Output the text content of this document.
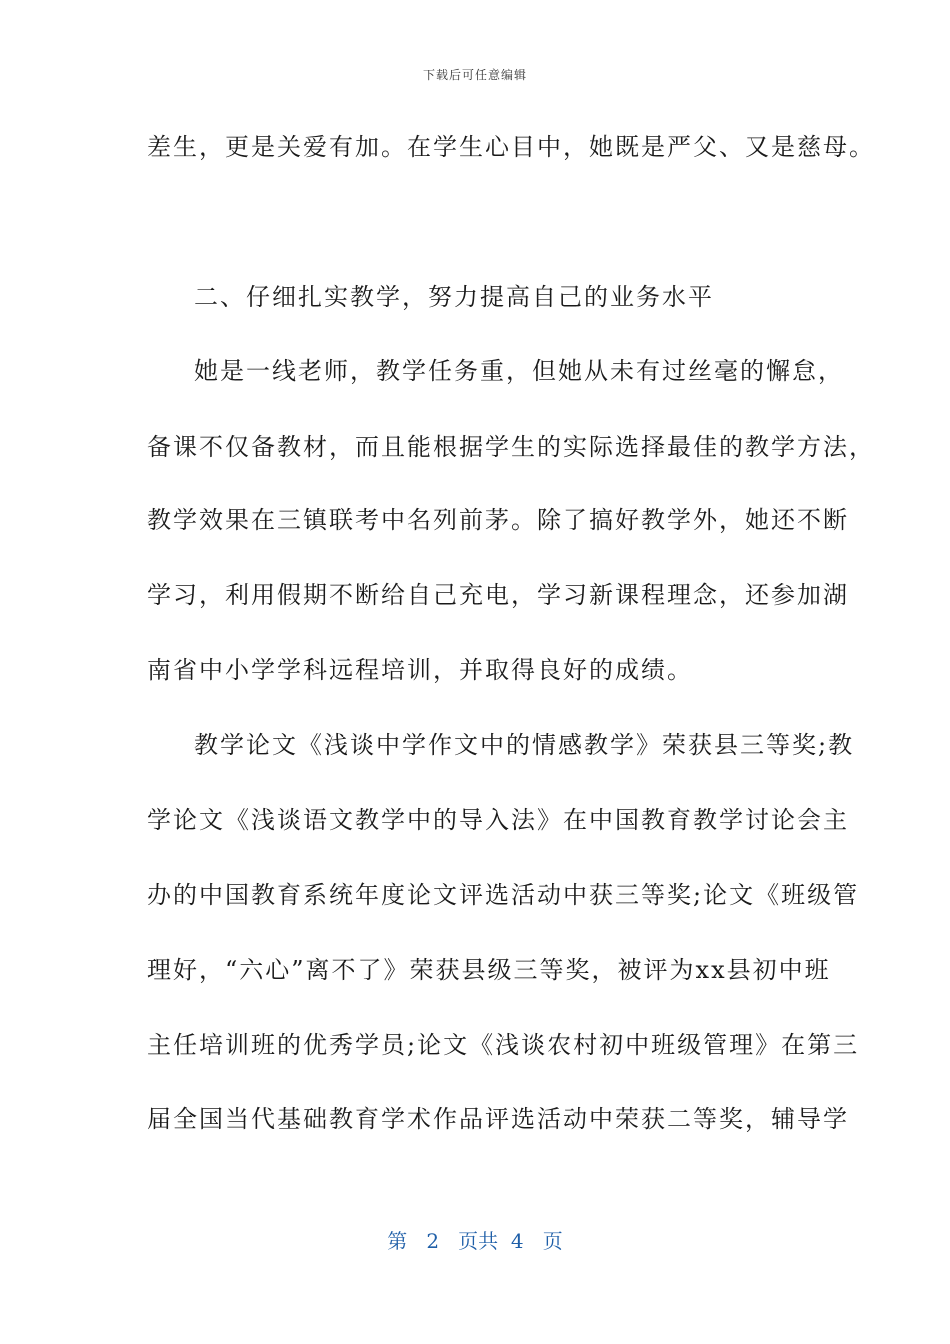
下载后可任意编辑
差生，更是关爱有加。在学生心目中，她既是严父、又是慈母。
二、仔细扎实教学，努力提高自己的业务水平
她是一线老师，教学任务重，但她从未有过丝毫的懈怠，
备课不仅备教材，而且能根据学生的实际选择最佳的教学方法，
教学效果在三镇联考中名列前茅。除了搞好教学外，她还不断
学习，利用假期不断给自己充电，学习新课程理念，还参加湖
南省中小学学科远程培训，并取得良好的成绩。
教学论文《浅谈中学作文中的情感教学》荣获县三等奖;教
学论文《浅谈语文教学中的导入法》在中国教育教学讨论会主
办的中国教育系统年度论文评选活动中获三等奖;论文《班级管
理好，“六心”离不了》荣获县级三等奖，被评为xx县初中班
主任培训班的优秀学员;论文《浅谈农村初中班级管理》在第三
届全国当代基础教育学术作品评选活动中荣获二等奖，辅导学
第 2 页共 4 页
